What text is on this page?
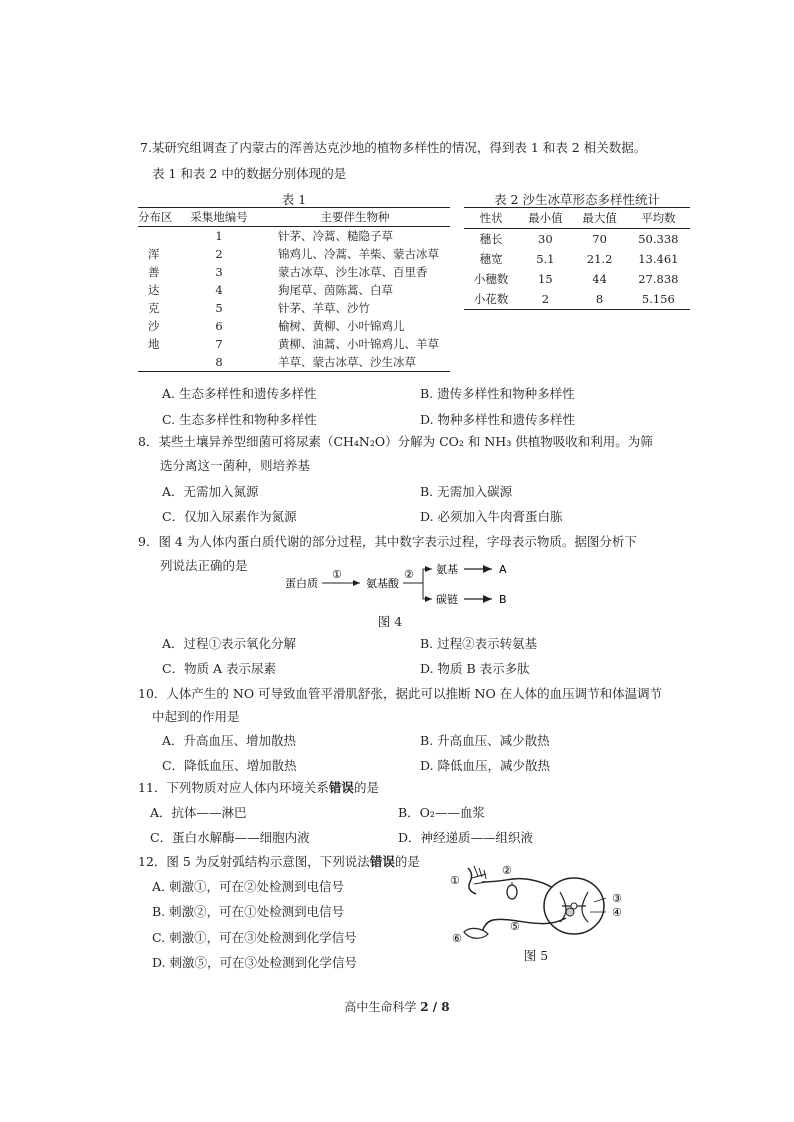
7.某研究组调查了内蒙古的浑善达克沙地的植物多样性的情况，得到表 1 和表 2 相关数据。
表 1 和表 2 中的数据分别体现的是
表 1
分布区	采集地编号	主要伴生物种
	1	针茅、冷蒿、糙隐子草
浑	2	锦鸡儿、冷蒿、羊柴、蒙古冰草
善	3	蒙古冰草、沙生冰草、百里香
达	4	狗尾草、茵陈蒿、白草
克	5	针茅、羊草、沙竹
沙	6	榆树、黄柳、小叶锦鸡儿
地	7	黄柳、油蒿、小叶锦鸡儿、羊草
	8	羊草、蒙古冰草、沙生冰草
表 2 沙生冰草形态多样性统计
性状	最小值	最大值	平均数
穗长	30	70	50.338
穗宽	5.1	21.2	13.461
小穗数	15	44	27.838
小花数	2	8	5.156
A. 生态多样性和遗传多样性	B. 遗传多样性和物种多样性
C. 生态多样性和物种多样性	D. 物种多样性和遗传多样性
8．某些土壤异养型细菌可将尿素（CH₄N₂O）分解为 CO₂ 和 NH₃ 供植物吸收和利用。为筛
选分离这一菌种，则培养基
A．无需加入氮源	B. 无需加入碳源
C．仅加入尿素作为氮源	D. 必须加入牛肉膏蛋白胨
9．图 4 为人体内蛋白质代谢的部分过程，其中数字表示过程，字母表示物质。据图分析下
列说法正确的是
蛋白质
①
氨基酸
② 氨基
碳链
A
B
图 4
A．过程①表示氧化分解	B. 过程②表示转氨基
C．物质 A 表示尿素	D. 物质 B 表示多肽
10．人体产生的 NO 可导致血管平滑肌舒张，据此可以推断 NO 在人体的血压调节和体温调节
中起到的作用是
A．升高血压、增加散热	B. 升高血压、减少散热
C．降低血压、增加散热	D. 降低血压，减少散热
11．下列物质对应人体内环境关系错误的是
A．抗体——淋巴	B．O₂——血浆
C．蛋白水解酶——细胞内液	D．神经递质——组织液
12．图 5 为反射弧结构示意图，下列说法错误的是
A. 刺激①，可在②处检测到电信号
B. 刺激②，可在①处检测到电信号
C. 刺激①，可在③处检测到化学信号
D. 刺激⑤，可在③处检测到化学信号
①
②
③
④
⑤
⑥
图 5
高中生命科学 2 / 8
